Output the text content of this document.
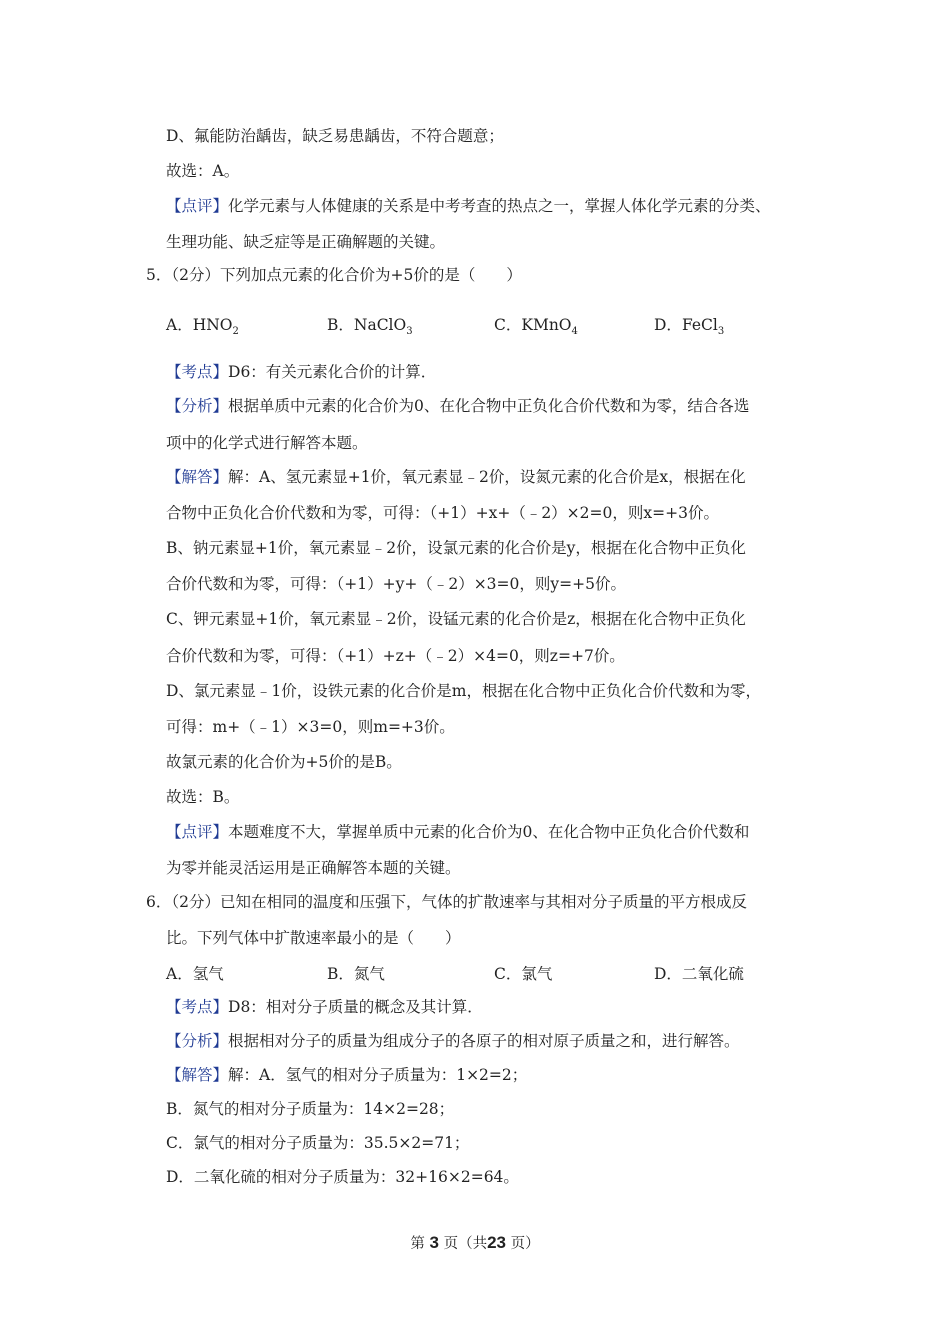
D、氟能防治龋齿，缺乏易患龋齿，不符合题意；
故选：A。
【点评】化学元素与人体健康的关系是中考考查的热点之一，掌握人体化学元素的分类、
生理功能、缺乏症等是正确解题的关键。
5．（2分）下列加点元素的化合价为+5价的是（　　）
A．$HNO_2$	B．NaClO$_3$	C．KMnO$_4$	D．FeCl$_3$
【考点】D6：有关元素化合价的计算．
【分析】根据单质中元素的化合价为0、在化合物中正负化合价代数和为零，结合各选
项中的化学式进行解答本题。
【解答】解：A、氢元素显+1价，氧元素显﹣2价，设氮元素的化合价是x，根据在化
合物中正负化合价代数和为零，可得：（+1）+x+（﹣2）×2=0，则x=+3价。
B、钠元素显+1价，氧元素显﹣2价，设氯元素的化合价是y，根据在化合物中正负化
合价代数和为零，可得：（+1）+y+（﹣2）×3=0，则y=+5价。
C、钾元素显+1价，氧元素显﹣2价，设锰元素的化合价是z，根据在化合物中正负化
合价代数和为零，可得：（+1）+z+（﹣2）×4=0，则z=+7价。
D、氯元素显﹣1价，设铁元素的化合价是m，根据在化合物中正负化合价代数和为零，
可得：m+（﹣1）×3=0，则m=+3价。
故氯元素的化合价为+5价的是B。
故选：B。
【点评】本题难度不大，掌握单质中元素的化合价为0、在化合物中正负化合价代数和
为零并能灵活运用是正确解答本题的关键。
6．（2分）已知在相同的温度和压强下，气体的扩散速率与其相对分子质量的平方根成反
比。下列气体中扩散速率最小的是（　　）
A．氢气	B．氮气	C．氯气	D．二氧化硫
【考点】D8：相对分子质量的概念及其计算．
【分析】根据相对分子的质量为组成分子的各原子的相对原子质量之和，进行解答。
【解答】解：A．氢气的相对分子质量为：1×2=2；
B．氮气的相对分子质量为：14×2=28；
C．氯气的相对分子质量为：35.5×2=71；
D．二氧化硫的相对分子质量为：32+16×2=64。
第 3 页（共23 页）
